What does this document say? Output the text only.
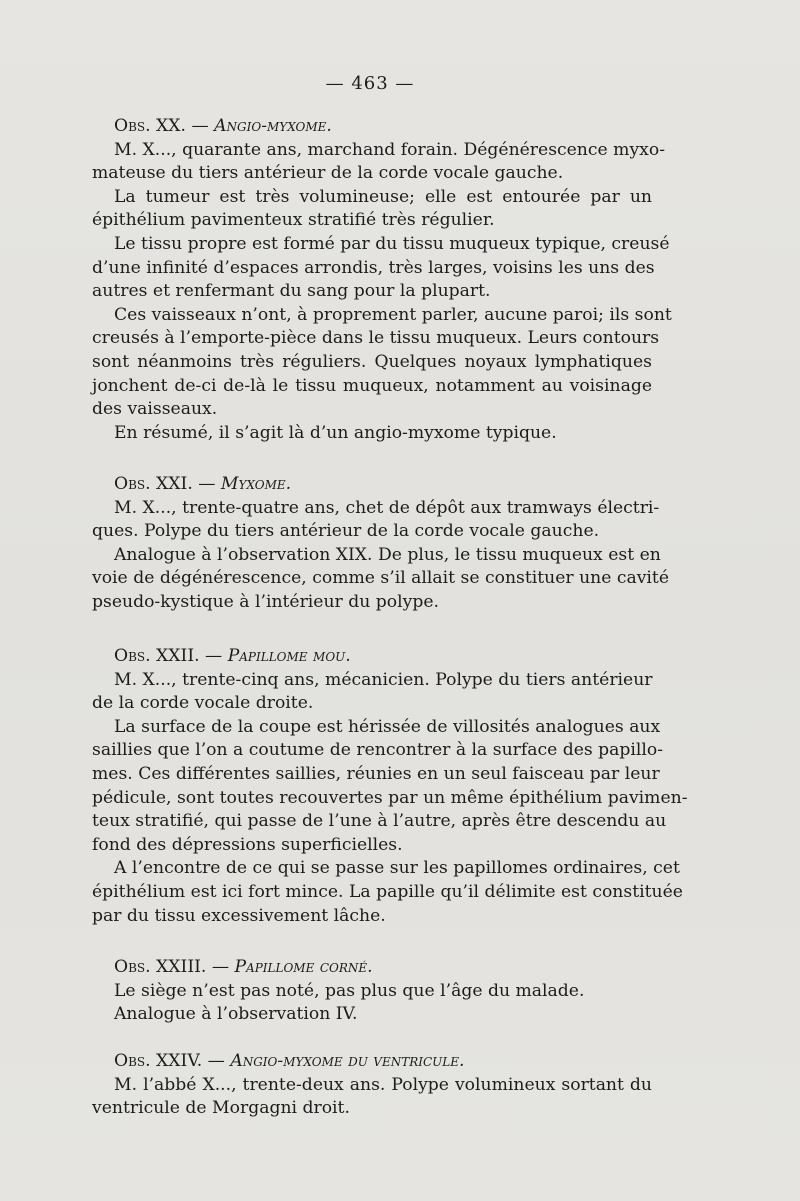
— 463 —
Obs. XX. — Angio-myxome.
M. X..., quarante ans, marchand forain. Dégénérescence myxo-
mateuse du tiers antérieur de la corde vocale gauche.
La tumeur est très volumineuse; elle est entourée par un
épithélium pavimenteux stratifié très régulier.
Le tissu propre est formé par du tissu muqueux typique, creusé
d’une infinité d’espaces arrondis, très larges, voisins les uns des
autres et renfermant du sang pour la plupart.
Ces vaisseaux n’ont, à proprement parler, aucune paroi; ils sont
creusés à l’emporte-pièce dans le tissu muqueux. Leurs contours
sont néanmoins très réguliers. Quelques noyaux lymphatiques
jonchent de-ci de-là le tissu muqueux, notamment au voisinage
des vaisseaux.
En résumé, il s’agit là d’un angio-myxome typique.
Obs. XXI. — Myxome.
M. X..., trente-quatre ans, chet de dépôt aux tramways électri-
ques. Polype du tiers antérieur de la corde vocale gauche.
Analogue à l’observation XIX. De plus, le tissu muqueux est en
voie de dégénérescence, comme s’il allait se constituer une cavité
pseudo-kystique à l’intérieur du polype.
Obs. XXII. — Papillome mou.
M. X..., trente-cinq ans, mécanicien. Polype du tiers antérieur
de la corde vocale droite.
La surface de la coupe est hérissée de villosités analogues aux
saillies que l’on a coutume de rencontrer à la surface des papillo-
mes. Ces différentes saillies, réunies en un seul faisceau par leur
pédicule, sont toutes recouvertes par un même épithélium pavimen-
teux stratifié, qui passe de l’une à l’autre, après être descendu au
fond des dépressions superficielles.
A l’encontre de ce qui se passe sur les papillomes ordinaires, cet
épithélium est ici fort mince. La papille qu’il délimite est constituée
par du tissu excessivement lâche.
Obs. XXIII. — Papillome corné.
Le siège n’est pas noté, pas plus que l’âge du malade.
Analogue à l’observation IV.
Obs. XXIV. — Angio-myxome du ventricule.
M. l’abbé X..., trente-deux ans. Polype volumineux sortant du
ventricule de Morgagni droit.
